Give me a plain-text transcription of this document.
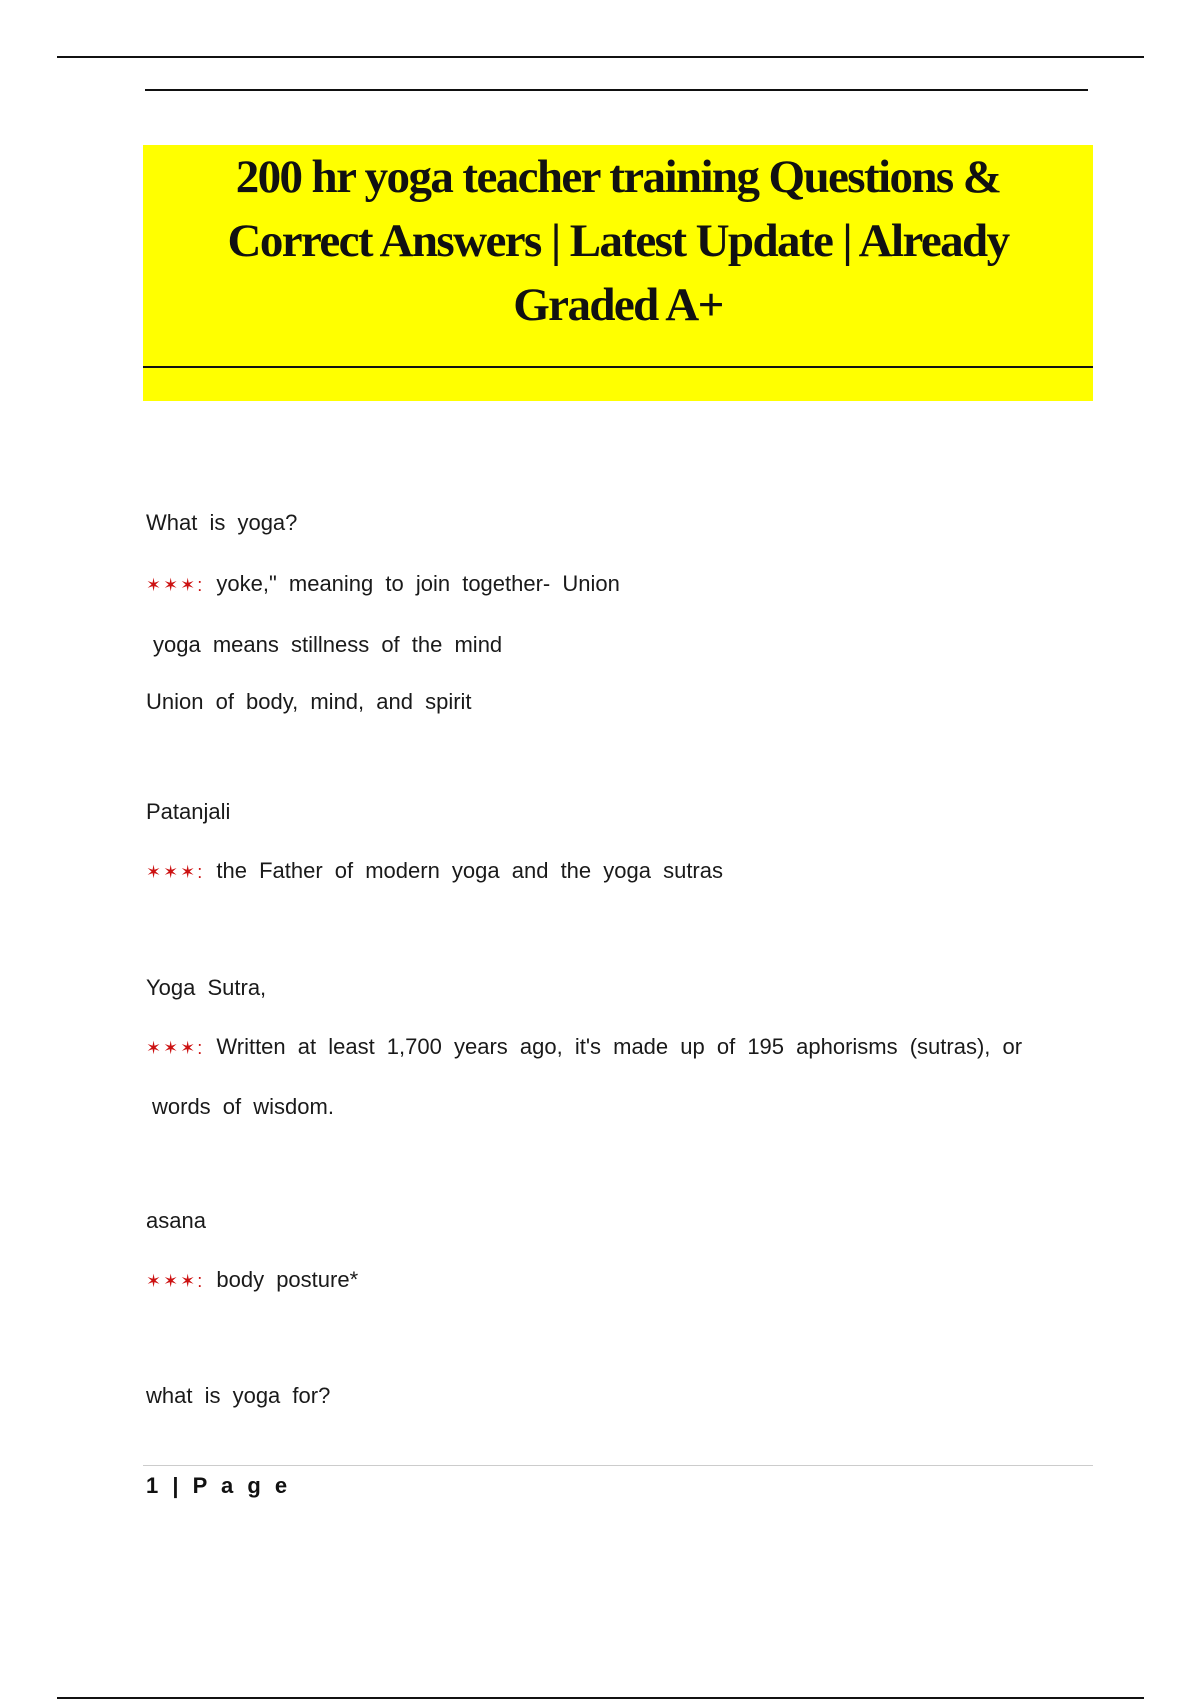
200 hr yoga teacher training Questions & Correct Answers | Latest Update | Already Graded A+
What is yoga?
✶✶✶: yoke," meaning to join together- Union
yoga means stillness of the mind
Union of body, mind, and spirit
Patanjali
✶✶✶: the Father of modern yoga and the yoga sutras
Yoga Sutra,
✶✶✶: Written at least 1,700 years ago, it's made up of 195 aphorisms (sutras), or
words of wisdom.
asana
✶✶✶: body posture*
what is yoga for?
1 | P a g e
